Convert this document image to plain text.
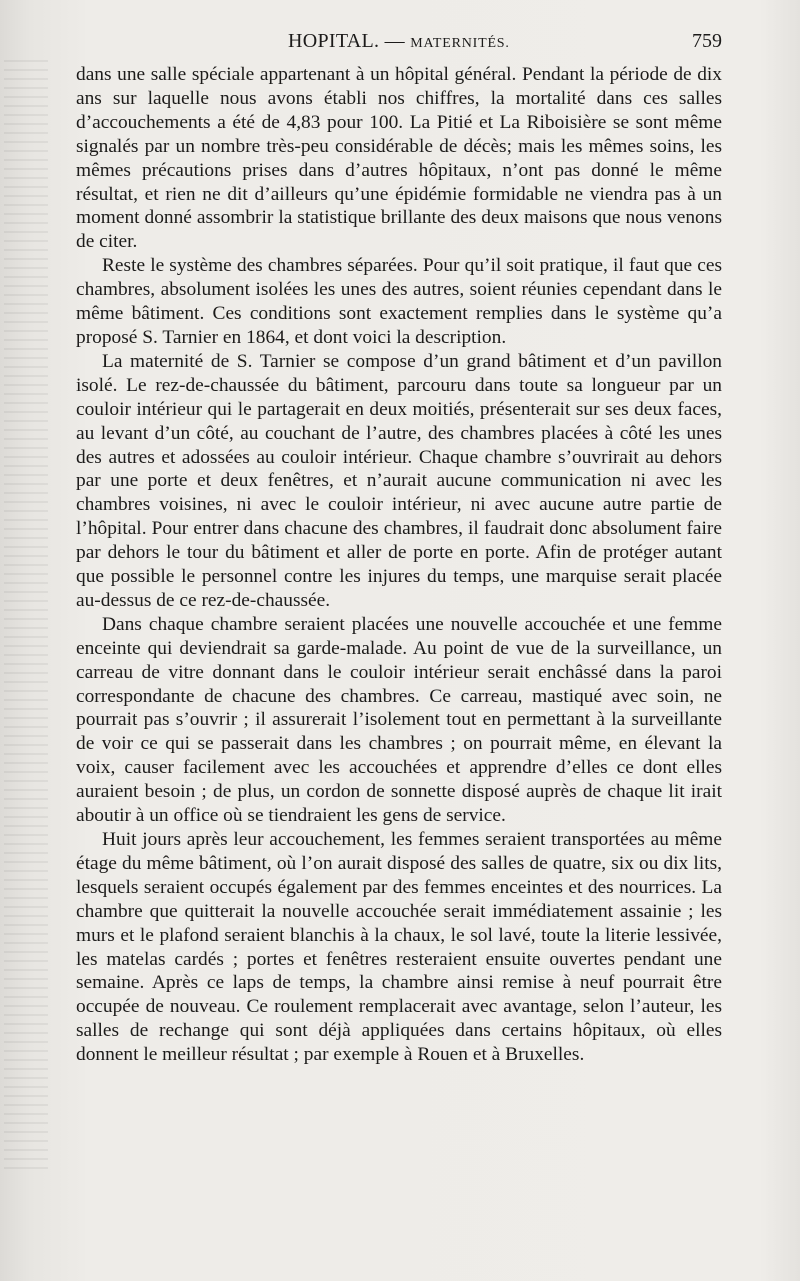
HOPITAL. — MATERNITÉS.	759

dans une salle spéciale appartenant à un hôpital général. Pendant la période de dix ans sur laquelle nous avons établi nos chiffres, la mortalité dans ces salles d’accouchements a été de 4,83 pour 100. La Pitié et La Riboisière se sont même signalés par un nombre très-peu considérable de décès; mais les mêmes soins, les mêmes précautions prises dans d’autres hôpitaux, n’ont pas donné le même résultat, et rien ne dit d’ailleurs qu’une épidémie formidable ne viendra pas à un moment donné assombrir la statistique brillante des deux maisons que nous venons de citer.

Reste le système des chambres séparées. Pour qu’il soit pratique, il faut que ces chambres, absolument isolées les unes des autres, soient réunies cependant dans le même bâtiment. Ces conditions sont exactement remplies dans le système qu’a proposé S. Tarnier en 1864, et dont voici la description.

La maternité de S. Tarnier se compose d’un grand bâtiment et d’un pavillon isolé. Le rez-de-chaussée du bâtiment, parcouru dans toute sa longueur par un couloir intérieur qui le partagerait en deux moitiés, présenterait sur ses deux faces, au levant d’un côté, au couchant de l’autre, des chambres placées à côté les unes des autres et adossées au couloir intérieur. Chaque chambre s’ouvrirait au dehors par une porte et deux fenêtres, et n’aurait aucune communication ni avec les chambres voisines, ni avec le couloir intérieur, ni avec aucune autre partie de l’hôpital. Pour entrer dans chacune des chambres, il faudrait donc absolument faire par dehors le tour du bâtiment et aller de porte en porte. Afin de protéger autant que possible le personnel contre les injures du temps, une marquise serait placée au-dessus de ce rez-de-chaussée.

Dans chaque chambre seraient placées une nouvelle accouchée et une femme enceinte qui deviendrait sa garde-malade. Au point de vue de la surveillance, un carreau de vitre donnant dans le couloir intérieur serait enchâssé dans la paroi correspondante de chacune des chambres. Ce carreau, mastiqué avec soin, ne pourrait pas s’ouvrir ; il assurerait l’isolement tout en permettant à la surveillante de voir ce qui se passerait dans les chambres ; on pourrait même, en élevant la voix, causer facilement avec les accouchées et apprendre d’elles ce dont elles auraient besoin ; de plus, un cordon de sonnette disposé auprès de chaque lit irait aboutir à un office où se tiendraient les gens de service.

Huit jours après leur accouchement, les femmes seraient transportées au même étage du même bâtiment, où l’on aurait disposé des salles de quatre, six ou dix lits, lesquels seraient occupés également par des femmes enceintes et des nourrices. La chambre que quitterait la nouvelle accouchée serait immédiatement assainie ; les murs et le plafond seraient blanchis à la chaux, le sol lavé, toute la literie lessivée, les matelas cardés ; portes et fenêtres resteraient ensuite ouvertes pendant une semaine. Après ce laps de temps, la chambre ainsi remise à neuf pourrait être occupée de nouveau. Ce roulement remplacerait avec avantage, selon l’auteur, les salles de rechange qui sont déjà appliquées dans certains hôpitaux, où elles donnent le meilleur résultat ; par exemple à Rouen et à Bruxelles.
